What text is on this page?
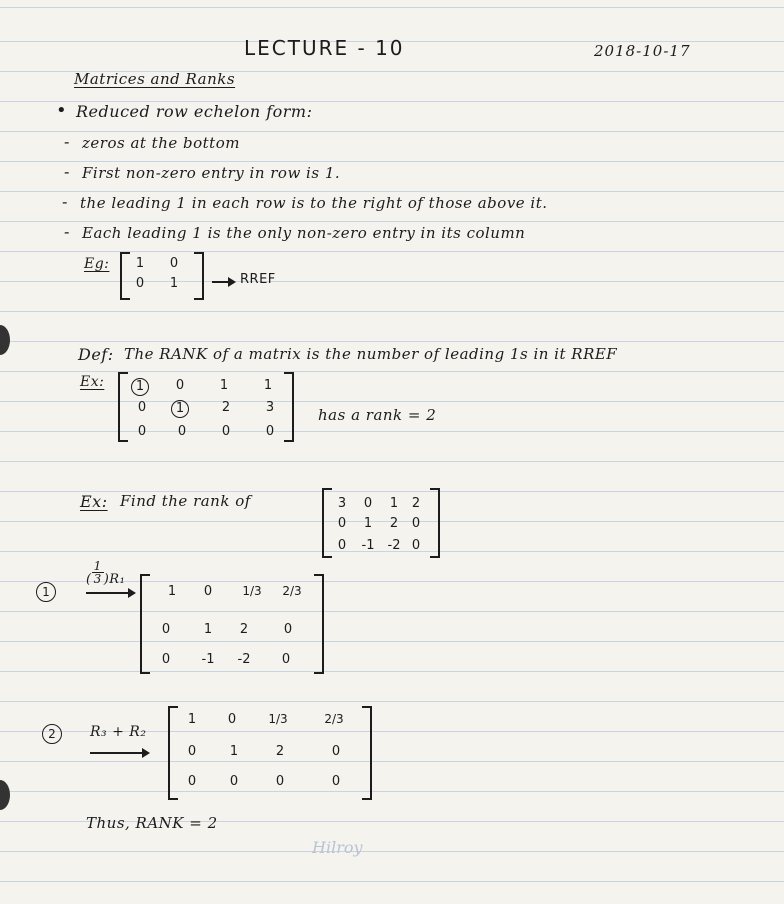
LECTURE - 10	2018-10-17
Matrices and Ranks
• Reduced row echelon form:
- zeros at the bottom
- First non-zero entry in row is 1.
- the leading 1 in each row is to the right of those above it.
- Each leading 1 is the only non-zero entry in its column
Eg:	1	0
0	1	RREF
Def: The RANK of a matrix is the number of leading 1s in it RREF
Ex:	1	0	1	1
0	1	2	3
0	0	0	0
has a rank = 2
Ex: Find the rank of	3	0	1	2
0	1	2	0
0	-1	-2 0
1
( $\frac{1}{3} )R_1$
1	0	1/3 2/3
0	1	2	0
0	-1	-2	0
2	R₃ + R₂
1	0	1/3	2/3
0	1	2	0
0	0	0	0
Thus, RANK = 2
Hilroy
